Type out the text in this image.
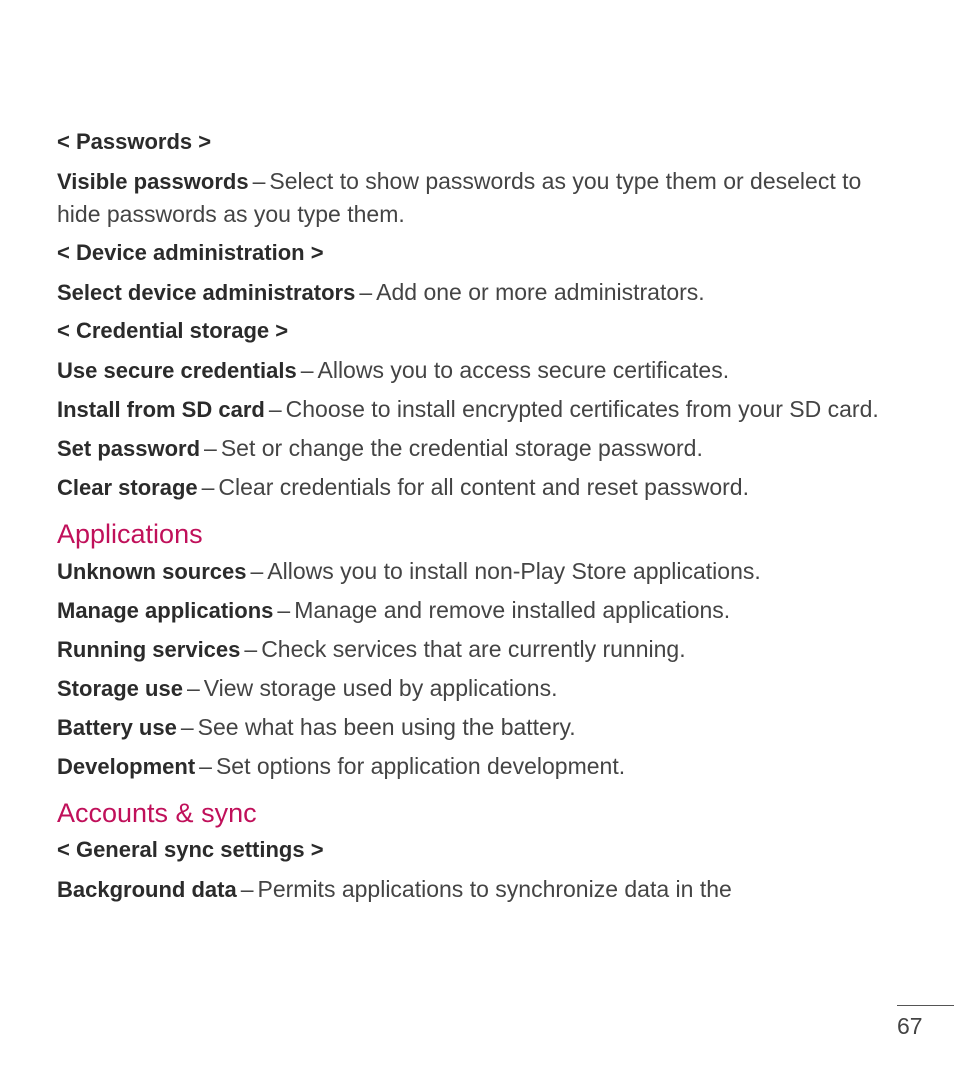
< Passwords >
Visible passwords – Select to show passwords as you type them or deselect to hide passwords as you type them.
< Device administration >
Select device administrators – Add one or more administrators.
< Credential storage >
Use secure credentials – Allows you to access secure certificates.
Install from SD card – Choose to install encrypted certificates from your SD card.
Set password – Set or change the credential storage password.
Clear storage – Clear credentials for all content and reset password.
Applications
Unknown sources – Allows you to install non-Play Store applications.
Manage applications – Manage and remove installed applications.
Running services – Check services that are currently running.
Storage use – View storage used by applications.
Battery use – See what has been using the battery.
Development – Set options for application development.
Accounts & sync
< General sync settings >
Background data – Permits applications to synchronize data in the
67
